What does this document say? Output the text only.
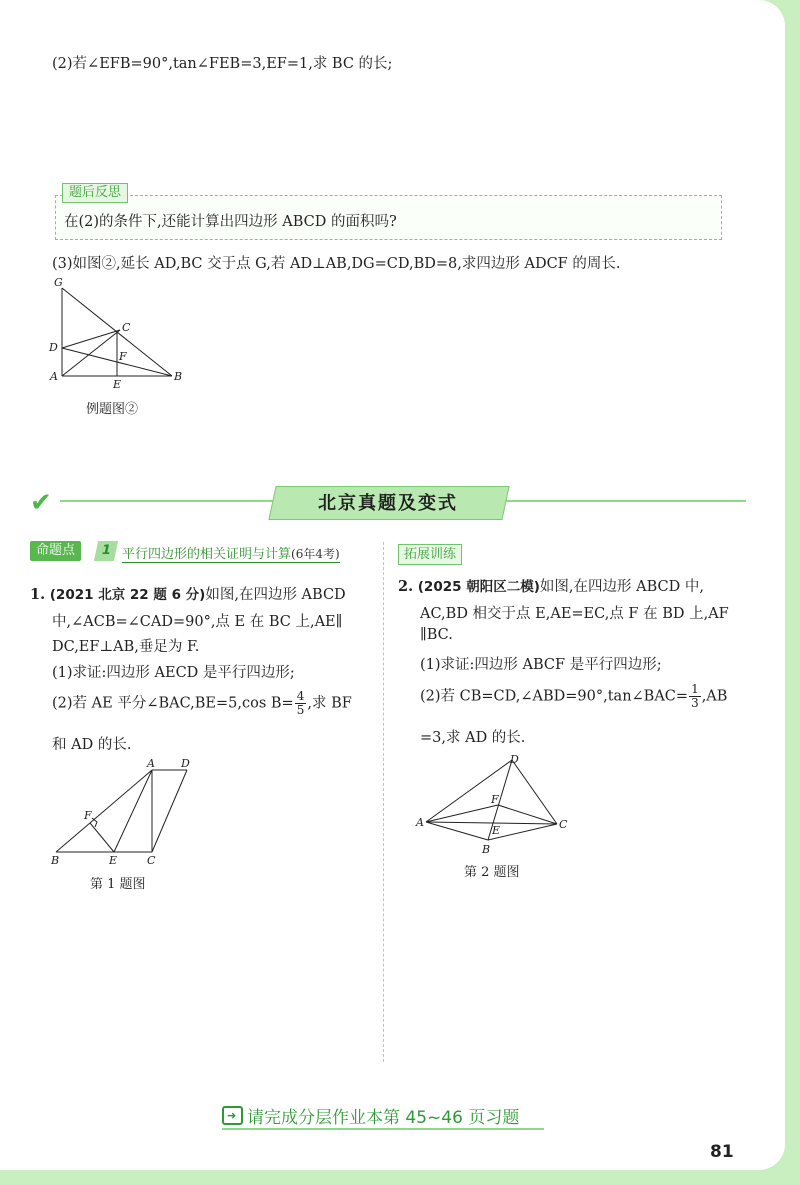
(2)若∠EFB=90°,tan∠FEB=3,EF=1,求 BC 的长;
题后反思
在(2)的条件下,还能计算出四边形 ABCD 的面积吗?
(3)如图②,延长 AD,BC 交于点 G,若 AD⊥AB,DG=CD,BD=8,求四边形 ADCF 的周长.
G
C
D
F
A
E
B
例题图②
✔	北京真题及变式
命题点	1 平行四边形的相关证明与计算(6年4考)	拓展训练
1. (2021 北京 22 题 6 分)如图,在四边形 ABCD
中,∠ACB=∠CAD=90°,点 E 在 BC 上,AE∥
DC,EF⊥AB,垂足为 F.
(1)求证:四边形 AECD 是平行四边形;
(2)若 AE 平分∠BAC,BE=5,cos $B= \frac{4}{5}$ ,求 BF
和 AD 的长.
A D
F
B	E	C
第 1 题图
2. (2025 朝阳区二模)如图,在四边形 ABCD 中,
AC,BD 相交于点 E,AE=EC,点 F 在 BD 上,AF
∥BC.
(1)求证:四边形 ABCF 是平行四边形;
(2)若 CB=CD,∠ABD=90°,tan∠BAC= $\frac{1}{3} ,AB$
=3,求 AD 的长.
D
F
A
E	C
B
第 2 题图
➜ 请完成分层作业本第 45~46 页习题
81
